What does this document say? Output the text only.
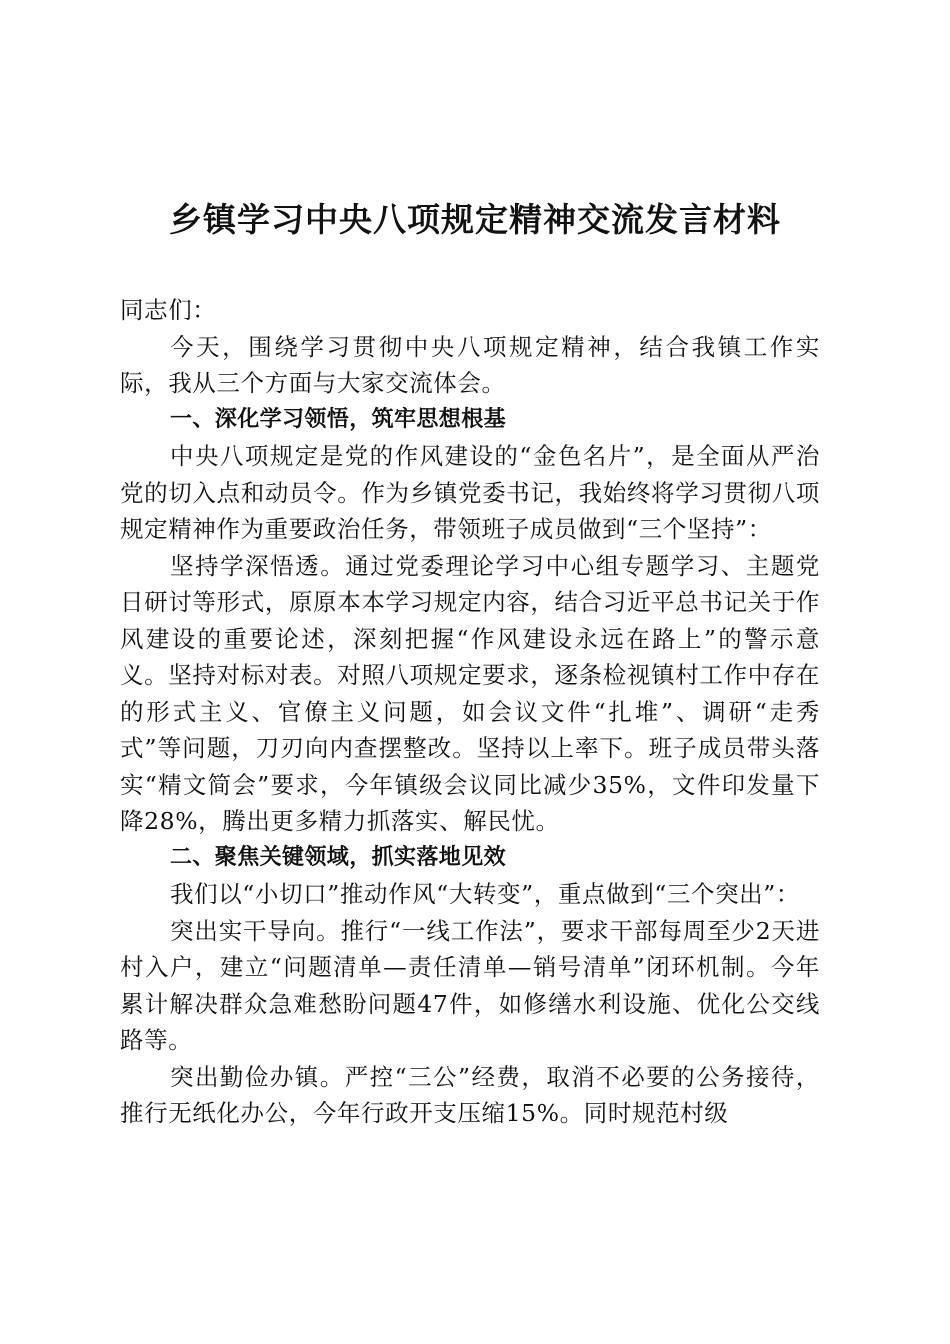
乡镇学习中央八项规定精神交流发言材料

同志们：

今天，围绕学习贯彻中央八项规定精神，结合我镇工作实际，我从三个方面与大家交流体会。

一、深化学习领悟，筑牢思想根基

中央八项规定是党的作风建设的“金色名片”，是全面从严治党的切入点和动员令。作为乡镇党委书记，我始终将学习贯彻八项规定精神作为重要政治任务，带领班子成员做到“三个坚持”：

坚持学深悟透。通过党委理论学习中心组专题学习、主题党日研讨等形式，原原本本学习规定内容，结合习近平总书记关于作风建设的重要论述，深刻把握“作风建设永远在路上”的警示意义。坚持对标对表。对照八项规定要求，逐条检视镇村工作中存在的形式主义、官僚主义问题，如会议文件“扎堆”、调研“走秀式”等问题，刀刃向内查摆整改。坚持以上率下。班子成员带头落实“精文简会”要求，今年镇级会议同比减少35%，文件印发量下降28%，腾出更多精力抓落实、解民忧。

二、聚焦关键领域，抓实落地见效

我们以“小切口”推动作风“大转变”，重点做到“三个突出”：

突出实干导向。推行“一线工作法”，要求干部每周至少2天进村入户，建立“问题清单—责任清单—销号清单”闭环机制。今年累计解决群众急难愁盼问题47件，如修缮水利设施、优化公交线路等。

突出勤俭办镇。严控“三公”经费，取消不必要的公务接待，推行无纸化办公，今年行政开支压缩15%。同时规范村级
